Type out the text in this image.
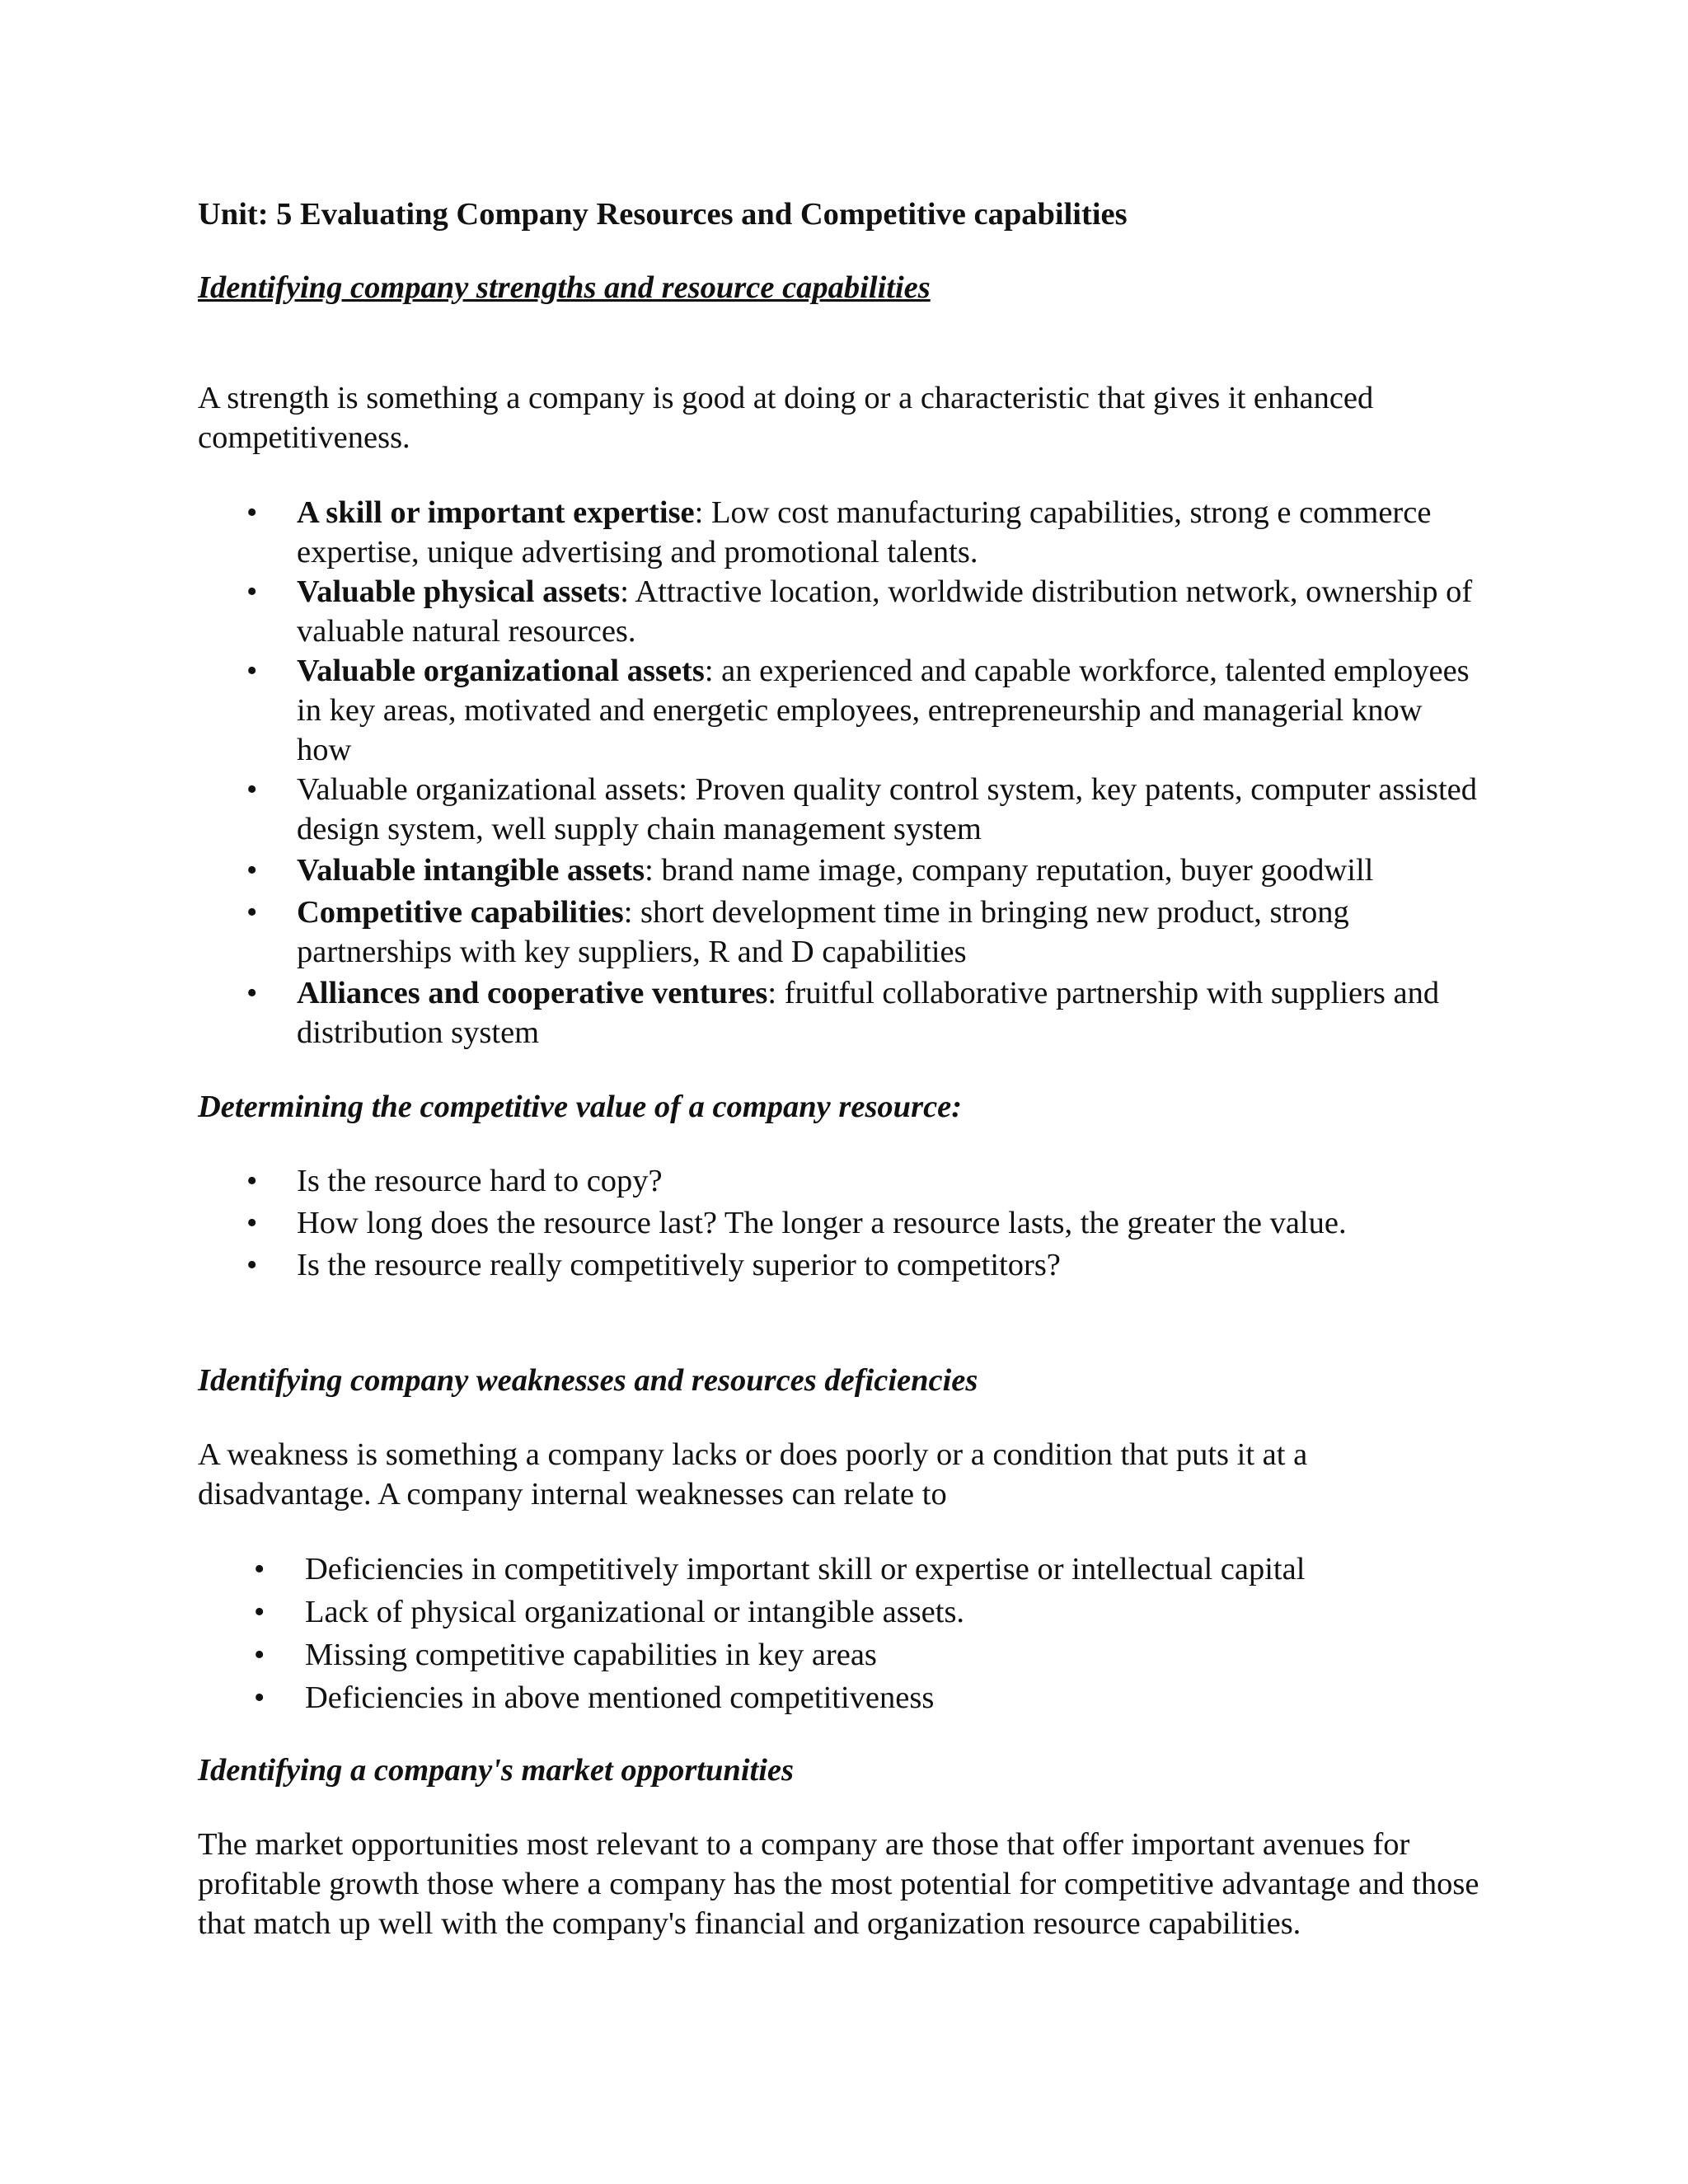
Unit: 5 Evaluating Company Resources and Competitive capabilities
Identifying company strengths and resource capabilities

A strength is something a company is good at doing or a characteristic that gives it enhanced competitiveness.

• A skill or important expertise: Low cost manufacturing capabilities, strong e commerce expertise, unique advertising and promotional talents.
• Valuable physical assets: Attractive location, worldwide distribution network, ownership of valuable natural resources.
• Valuable organizational assets: an experienced and capable workforce, talented employees in key areas, motivated and energetic employees, entrepreneurship and managerial know how
• Valuable organizational assets: Proven quality control system, key patents, computer assisted design system, well supply chain management system
• Valuable intangible assets: brand name image, company reputation, buyer goodwill
• Competitive capabilities: short development time in bringing new product, strong partnerships with key suppliers, R and D capabilities
• Alliances and cooperative ventures: fruitful collaborative partnership with suppliers and distribution system
Determining the competitive value of a company resource:
• Is the resource hard to copy?
• How long does the resource last? The longer a resource lasts, the greater the value.
• Is the resource really competitively superior to competitors?
Identifying company weaknesses and resources deficiencies

A weakness is something a company lacks or does poorly or a condition that puts it at a disadvantage. A company internal weaknesses can relate to

• Deficiencies in competitively important skill or expertise or intellectual capital
• Lack of physical organizational or intangible assets.
• Missing competitive capabilities in key areas
• Deficiencies in above mentioned competitiveness
Identifying a company's market opportunities

The market opportunities most relevant to a company are those that offer important avenues for profitable growth those where a company has the most potential for competitive advantage and those that match up well with the company's financial and organization resource capabilities.
